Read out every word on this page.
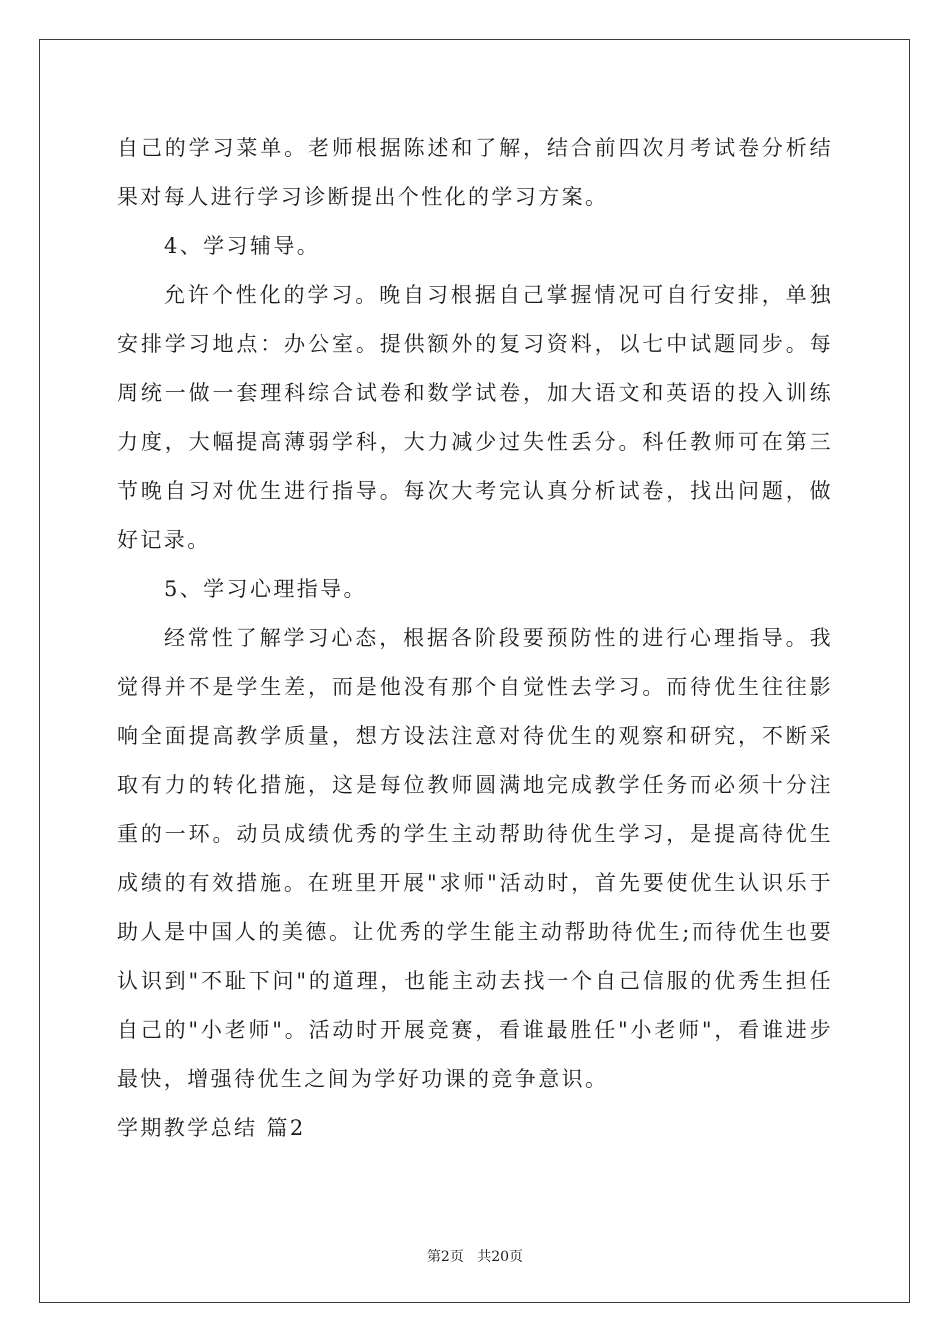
自己的学习菜单。老师根据陈述和了解，结合前四次月考试卷分析结果对每人进行学习诊断提出个性化的学习方案。

4、学习辅导。

允许个性化的学习。晚自习根据自己掌握情况可自行安排，单独安排学习地点：办公室。提供额外的复习资料，以七中试题同步。每周统一做一套理科综合试卷和数学试卷，加大语文和英语的投入训练力度，大幅提高薄弱学科，大力减少过失性丢分。科任教师可在第三节晚自习对优生进行指导。每次大考完认真分析试卷，找出问题，做好记录。

5、学习心理指导。

经常性了解学习心态，根据各阶段要预防性的进行心理指导。我觉得并不是学生差，而是他没有那个自觉性去学习。而待优生往往影响全面提高教学质量，想方设法注意对待优生的观察和研究，不断采取有力的转化措施，这是每位教师圆满地完成教学任务而必须十分注重的一环。动员成绩优秀的学生主动帮助待优生学习，是提高待优生成绩的有效措施。在班里开展"求师"活动时，首先要使优生认识乐于助人是中国人的美德。让优秀的学生能主动帮助待优生;而待优生也要认识到"不耻下问"的道理，也能主动去找一个自己信服的优秀生担任自己的"小老师"。活动时开展竞赛，看谁最胜任"小老师"，看谁进步最快，增强待优生之间为学好功课的竞争意识。

学期教学总结 篇2

第2页 共20页
